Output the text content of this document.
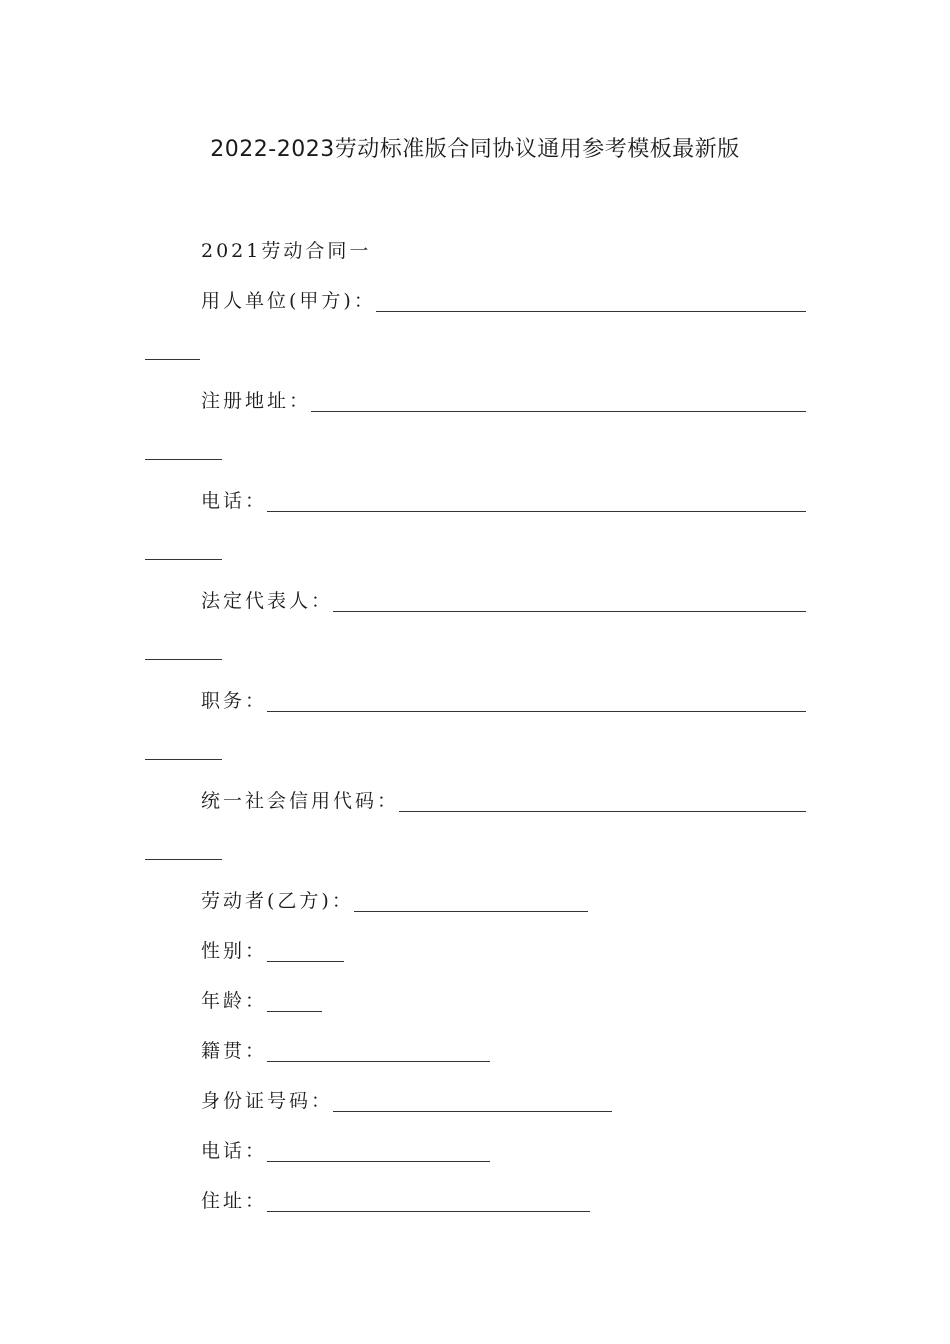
2022-2023劳动标准版合同协议通用参考模板最新版
2021劳动合同一
用人单位(甲方)：
注册地址：
电话：
法定代表人：
职务：
统一社会信用代码：
劳动者(乙方)：
性别：
年龄：
籍贯：
身份证号码：
电话：
住址：
